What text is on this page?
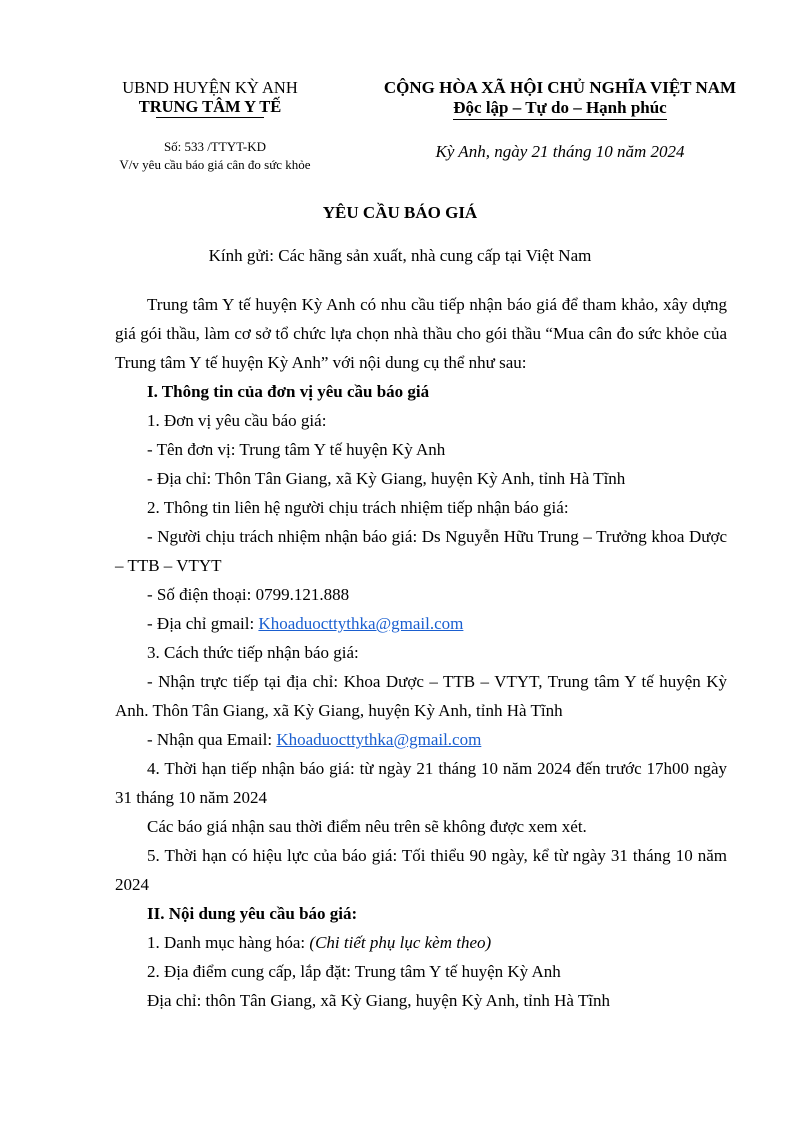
UBND HUYỆN KỲ ANH
TRUNG TÂM Y TẾ
CỘNG HÒA XÃ HỘI CHỦ NGHĨA VIỆT NAM
Độc lập – Tự do – Hạnh phúc
Số: 533 /TTYT-KD
V/v yêu cầu báo giá cân đo sức khỏe
Kỳ Anh, ngày 21 tháng 10 năm 2024
YÊU CẦU BÁO GIÁ
Kính gửi: Các hãng sản xuất, nhà cung cấp tại Việt Nam

Trung tâm Y tế huyện Kỳ Anh có nhu cầu tiếp nhận báo giá để tham khảo, xây dựng giá gói thầu, làm cơ sở tổ chức lựa chọn nhà thầu cho gói thầu “Mua cân đo sức khỏe của Trung tâm Y tế huyện Kỳ Anh” với nội dung cụ thể như sau:

I. Thông tin của đơn vị yêu cầu báo giá

1. Đơn vị yêu cầu báo giá:

- Tên đơn vị: Trung tâm Y tế huyện Kỳ Anh

- Địa chỉ: Thôn Tân Giang, xã Kỳ Giang, huyện Kỳ Anh, tỉnh Hà Tĩnh

2. Thông tin liên hệ người chịu trách nhiệm tiếp nhận báo giá:

- Người chịu trách nhiệm nhận báo giá: Ds Nguyễn Hữu Trung – Trưởng khoa Dược – TTB – VTYT

- Số điện thoại: 0799.121.888

- Địa chỉ gmail: Khoaduocttythka@gmail.com

3. Cách thức tiếp nhận báo giá:

- Nhận trực tiếp tại địa chỉ: Khoa Dược – TTB – VTYT, Trung tâm Y tế huyện Kỳ Anh. Thôn Tân Giang, xã Kỳ Giang, huyện Kỳ Anh, tỉnh Hà Tĩnh

- Nhận qua Email: Khoaduocttythka@gmail.com

4. Thời hạn tiếp nhận báo giá: từ ngày 21 tháng 10 năm 2024 đến trước 17h00 ngày 31 tháng 10 năm 2024

Các báo giá nhận sau thời điểm nêu trên sẽ không được xem xét.

5. Thời hạn có hiệu lực của báo giá: Tối thiểu 90 ngày, kể từ ngày 31 tháng 10 năm 2024

II. Nội dung yêu cầu báo giá:

1. Danh mục hàng hóa: (Chi tiết phụ lục kèm theo)

2. Địa điểm cung cấp, lắp đặt: Trung tâm Y tế huyện Kỳ Anh

Địa chỉ: thôn Tân Giang, xã Kỳ Giang, huyện Kỳ Anh, tỉnh Hà Tĩnh
